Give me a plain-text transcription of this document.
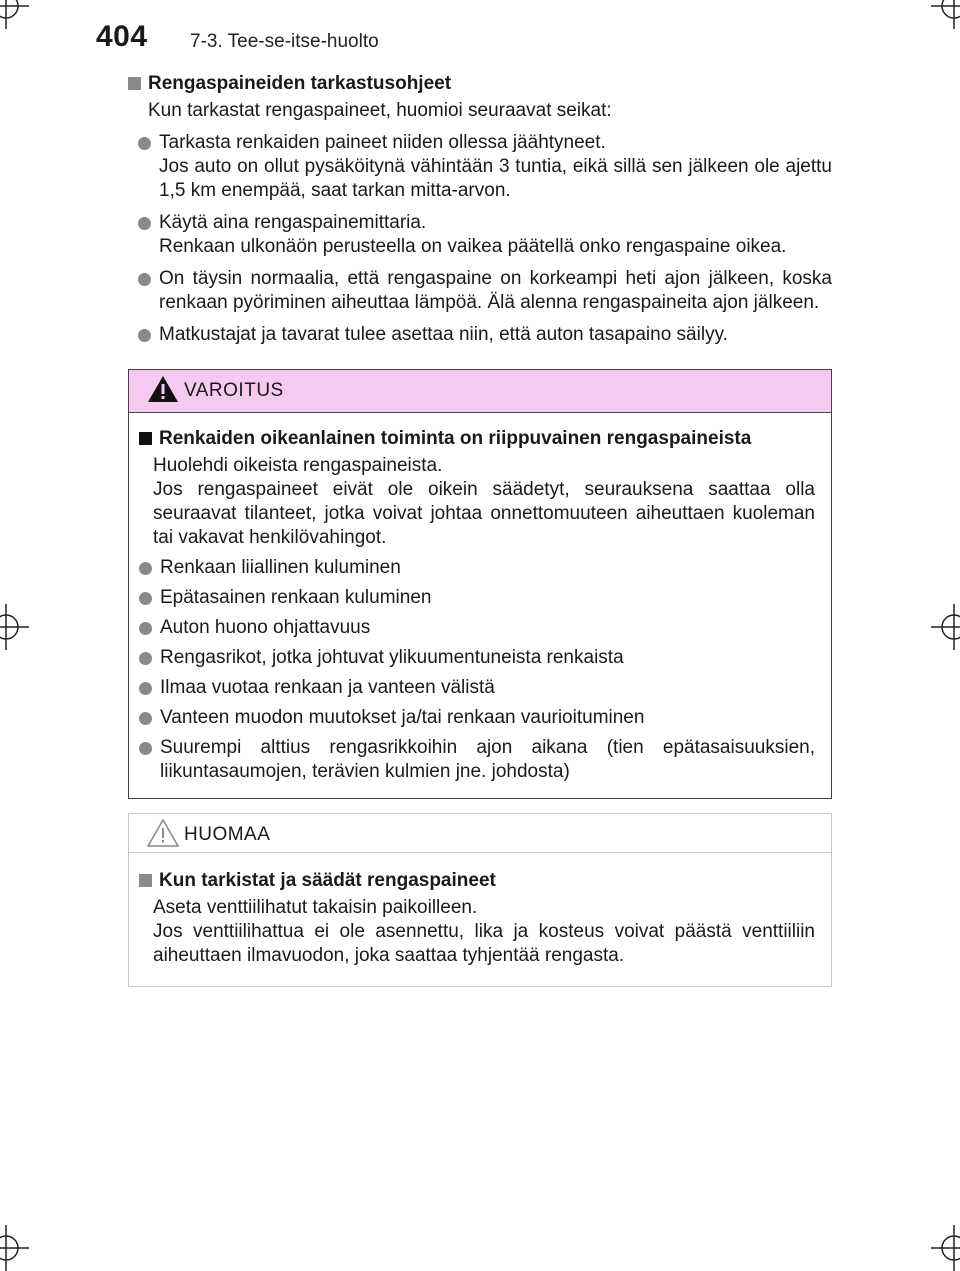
404 7-3. Tee-se-itse-huolto
Rengaspaineiden tarkastusohjeet
Kun tarkastat rengaspaineet, huomioi seuraavat seikat:
Tarkasta renkaiden paineet niiden ollessa jäähtyneet.
Jos auto on ollut pysäköitynä vähintään 3 tuntia, eikä sillä sen jälkeen ole ajettu 1,5 km enempää, saat tarkan mitta-arvon.
Käytä aina rengaspainemittaria.
Renkaan ulkonäön perusteella on vaikea päätellä onko rengaspaine oikea.
On täysin normaalia, että rengaspaine on korkeampi heti ajon jälkeen, koska renkaan pyöriminen aiheuttaa lämpöä. Älä alenna rengaspaineita ajon jälkeen.
Matkustajat ja tavarat tulee asettaa niin, että auton tasapaino säilyy.
VAROITUS
Renkaiden oikeanlainen toiminta on riippuvainen rengaspaineista
Huolehdi oikeista rengaspaineista.
Jos rengaspaineet eivät ole oikein säädetyt, seurauksena saattaa olla seuraavat tilanteet, jotka voivat johtaa onnettomuuteen aiheuttaen kuoleman tai vakavat henkilövahingot.
Renkaan liiallinen kuluminen
Epätasainen renkaan kuluminen
Auton huono ohjattavuus
Rengasrikot, jotka johtuvat ylikuumentuneista renkaista
Ilmaa vuotaa renkaan ja vanteen välistä
Vanteen muodon muutokset ja/tai renkaan vaurioituminen
Suurempi alttius rengasrikkoihin ajon aikana (tien epätasaisuuksien, liikuntasaumojen, terävien kulmien jne. johdosta)
HUOMAA
Kun tarkistat ja säädät rengaspaineet
Aseta venttiilihatut takaisin paikoilleen.
Jos venttiilihattua ei ole asennettu, lika ja kosteus voivat päästä venttiiliin aiheuttaen ilmavuodon, joka saattaa tyhjentää rengasta.
